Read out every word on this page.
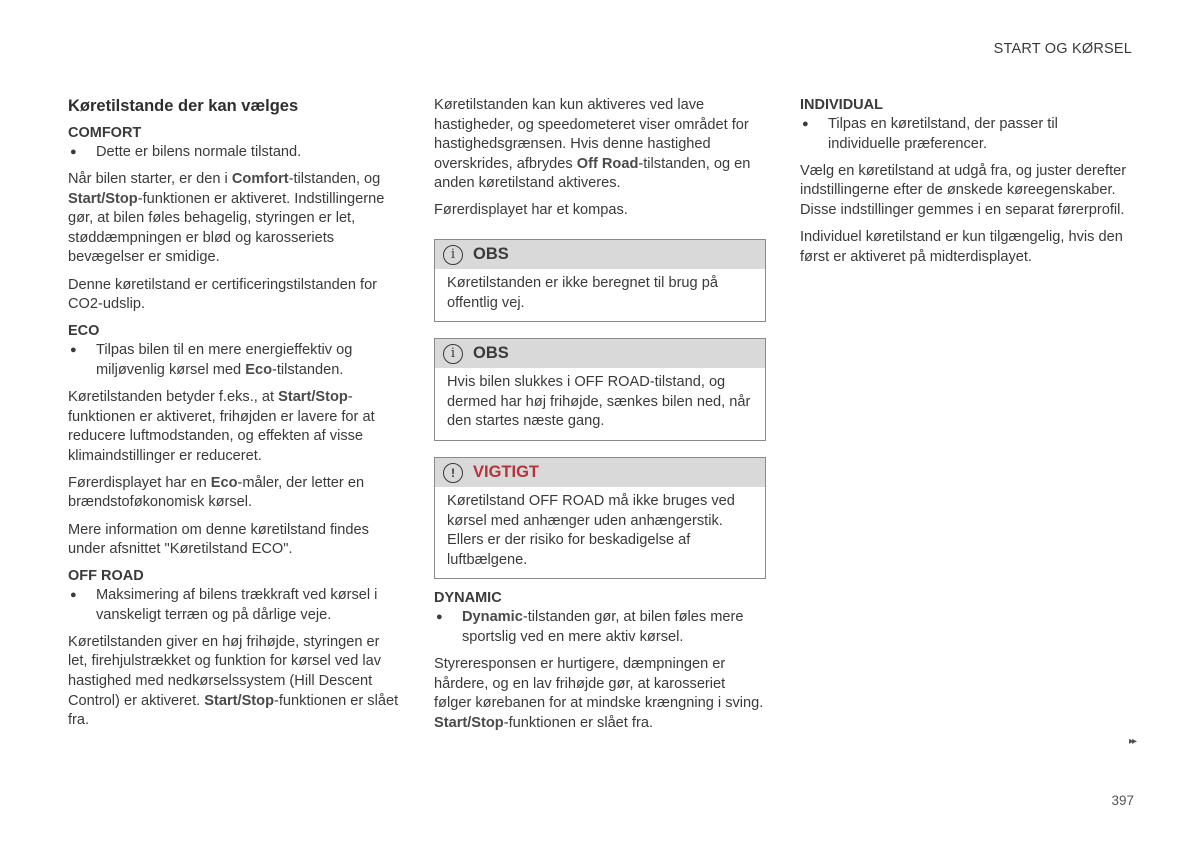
START OG KØRSEL
Køretilstande der kan vælges
COMFORT
● Dette er bilens normale tilstand.

Når bilen starter, er den i Comfort-tilstanden, og Start/Stop-funktionen er aktiveret. Indstillingerne gør, at bilen føles behagelig, styringen er let, støddæmpningen er blød og karosseriets bevægelser er smidige.

Denne køretilstand er certificeringstilstanden for CO2-udslip.

ECO
● Tilpas bilen til en mere energieffektiv og miljøvenlig kørsel med Eco-tilstanden.

Køretilstanden betyder f.eks., at Start/Stop-funktionen er aktiveret, frihøjden er lavere for at reducere luftmodstanden, og effekten af visse klimaindstillinger er reduceret.

Førerdisplayet har en Eco-måler, der letter en brændstoføkonomisk kørsel.

Mere information om denne køretilstand findes under afsnittet "Køretilstand ECO".

OFF ROAD
● Maksimering af bilens trækkraft ved kørsel i vanskeligt terræn og på dårlige veje.

Køretilstanden giver en høj frihøjde, styringen er let, firehjulstrækket og funktion for kørsel ved lav hastighed med nedkørselssystem (Hill Descent Control) er aktiveret. Start/Stop-funktionen er slået fra.

Køretilstanden kan kun aktiveres ved lave hastigheder, og speedometeret viser området for hastighedsgrænsen. Hvis denne hastighed overskrides, afbrydes Off Road-tilstanden, og en anden køretilstand aktiveres.

Førerdisplayet har et kompas.

i	OBS

Køretilstanden er ikke beregnet til brug på offentlig vej.

i	OBS

Hvis bilen slukkes i OFF ROAD-tilstand, og dermed har høj frihøjde, sænkes bilen ned, når den startes næste gang.

!	VIGTIGT

Køretilstand OFF ROAD må ikke bruges ved kørsel med anhænger uden anhængerstik. Ellers er der risiko for beskadigelse af luftbælgene.

DYNAMIC
● Dynamic-tilstanden gør, at bilen føles mere sportslig ved en mere aktiv kørsel.

Styreresponsen er hurtigere, dæmpningen er hårdere, og en lav frihøjde gør, at karosseriet følger kørebanen for at mindske krængning i sving. Start/Stop-funktionen er slået fra.

INDIVIDUAL
● Tilpas en køretilstand, der passer til individuelle præferencer.

Vælg en køretilstand at udgå fra, og juster derefter indstillingerne efter de ønskede køreegenskaber. Disse indstillinger gemmes i en separat førerprofil.

Individuel køretilstand er kun tilgængelig, hvis den først er aktiveret på midterdisplayet.

▸▸
397
